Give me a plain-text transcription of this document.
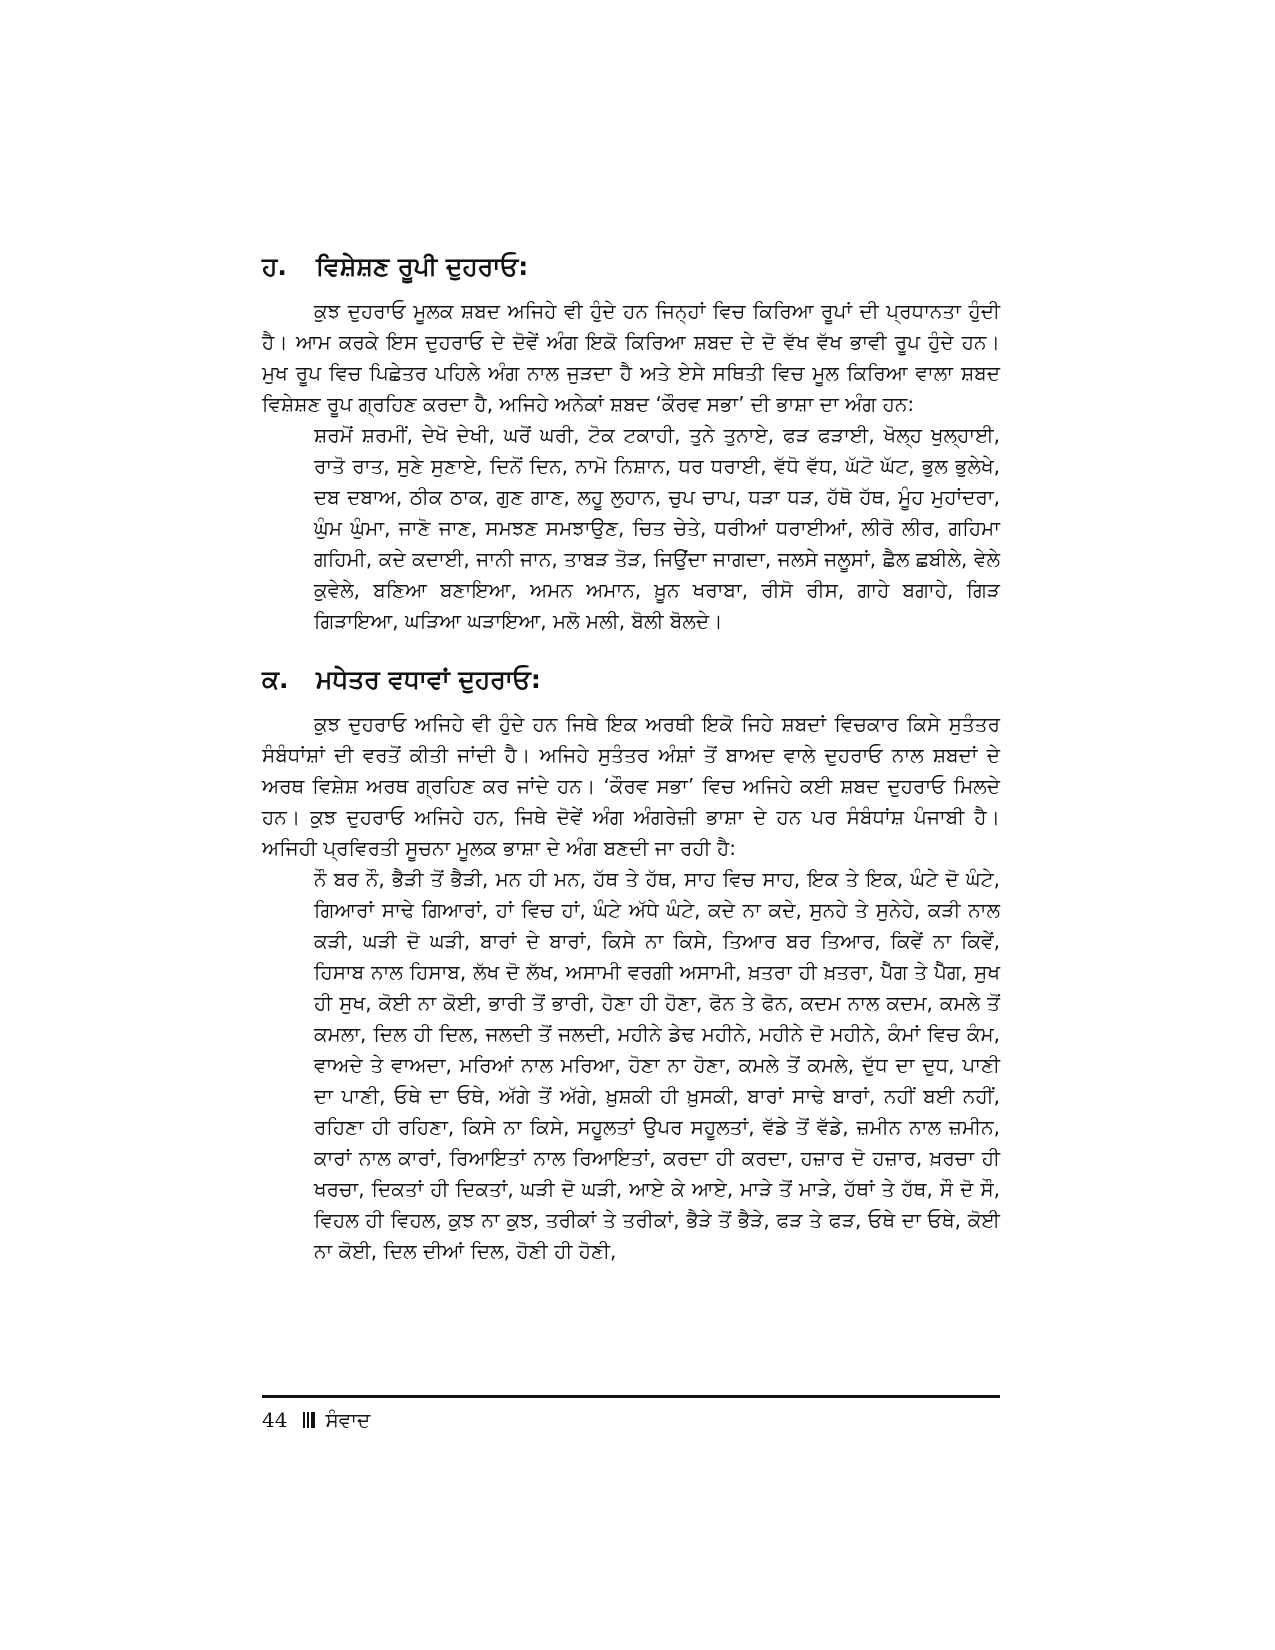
ਹ.	ਵਿਸ਼ੇਸ਼ਣ ਰੂਪੀ ਦੁਹਰਾਓ:

ਕੁਝ ਦੁਹਰਾਓ ਮੂਲਕ ਸ਼ਬਦ ਅਜਿਹੇ ਵੀ ਹੁੰਦੇ ਹਨ ਜਿਨ੍ਹਾਂ ਵਿਚ ਕਿਰਿਆ ਰੂਪਾਂ ਦੀ ਪ੍ਰਧਾਨਤਾ ਹੁੰਦੀ ਹੈ। ਆਮ ਕਰਕੇ ਇਸ ਦੁਹਰਾਓ ਦੇ ਦੋਵੇਂ ਅੰਗ ਇਕੋ ਕਿਰਿਆ ਸ਼ਬਦ ਦੇ ਦੋ ਵੱਖ ਵੱਖ ਭਾਵੀ ਰੂਪ ਹੁੰਦੇ ਹਨ। ਮੁਖ ਰੂਪ ਵਿਚ ਪਿਛੇਤਰ ਪਹਿਲੇ ਅੰਗ ਨਾਲ ਜੁੜਦਾ ਹੈ ਅਤੇ ਏਸੇ ਸਥਿਤੀ ਵਿਚ ਮੂਲ ਕਿਰਿਆ ਵਾਲਾ ਸ਼ਬਦ ਵਿਸ਼ੇਸ਼ਣ ਰੂਪ ਗ੍ਰਹਿਣ ਕਰਦਾ ਹੈ, ਅਜਿਹੇ ਅਨੇਕਾਂ ਸ਼ਬਦ ‘ਕੌਰਵ ਸਭਾ’ ਦੀ ਭਾਸ਼ਾ ਦਾ ਅੰਗ ਹਨ:

ਸ਼ਰਮੋਂ ਸ਼ਰਮੀਂ, ਦੇਖੋ ਦੇਖੀ, ਘਰੋਂ ਘਰੀ, ਟੋਕ ਟਕਾਹੀ, ਤੁਨੇ ਤੁਨਾਏ, ਫੜ ਫੜਾਈ, ਖੋਲ੍ਹ ਖੁਲ੍ਹਾਈ, ਰਾਤੋ ਰਾਤ, ਸੁਣੇ ਸੁਣਾਏ, ਦਿਨੋਂ ਦਿਨ, ਨਾਮੋ ਨਿਸ਼ਾਨ, ਧਰ ਧਰਾਈ, ਵੱਧੋ ਵੱਧ, ਘੱਟੋ ਘੱਟ, ਭੁਲ ਭੁਲੇਖੇ, ਦਬ ਦਬਾਅ, ਠੀਕ ਠਾਕ, ਗੁਣ ਗਾਣ, ਲਹੂ ਲੁਹਾਨ, ਚੁਪ ਚਾਪ, ਧੜਾ ਧੜ, ਹੱਥੋ ਹੱਥ, ਮੂੰਹ ਮੁਹਾਂਦਰਾ, ਘੁੰਮ ਘੁੰਮਾ, ਜਾਣੋ ਜਾਣ, ਸਮਝਣ ਸਮਝਾਉਣ, ਚਿਤ ਚੇਤੇ, ਧਰੀਆਂ ਧਰਾਈਆਂ, ਲੀਰੋ ਲੀਰ, ਗਹਿਮਾ ਗਹਿਮੀ, ਕਦੇ ਕਦਾਈ, ਜਾਨੀ ਜਾਨ, ਤਾਬੜ ਤੋੜ, ਜਿਉਂਦਾ ਜਾਗਦਾ, ਜਲਸੇ ਜਲੂਸਾਂ, ਛੈਲ ਛਬੀਲੇ, ਵੇਲੇ ਕੁਵੇਲੇ, ਬਣਿਆ ਬਣਾਇਆ, ਅਮਨ ਅਮਾਨ, ਖ਼ੂਨ ਖਰਾਬਾ, ਰੀਸੋ ਰੀਸ, ਗਾਹੇ ਬਗਾਹੇ, ਗਿੜ ਗਿੜਾਇਆ, ਘੜਿਆ ਘੜਾਇਆ, ਮਲੋ ਮਲੀ, ਬੋਲੀ ਬੋਲਦੇ।

ਕ.	ਮਧੇਤਰ ਵਧਾਵਾਂ ਦੁਹਰਾਓ:

ਕੁਝ ਦੁਹਰਾਓ ਅਜਿਹੇ ਵੀ ਹੁੰਦੇ ਹਨ ਜਿਥੇ ਇਕ ਅਰਥੀ ਇਕੋ ਜਿਹੇ ਸ਼ਬਦਾਂ ਵਿਚਕਾਰ ਕਿਸੇ ਸੁਤੰਤਰ ਸੰਬੰਧਾਂਸ਼ਾਂ ਦੀ ਵਰਤੋਂ ਕੀਤੀ ਜਾਂਦੀ ਹੈ। ਅਜਿਹੇ ਸੁਤੰਤਰ ਅੰਸ਼ਾਂ ਤੋਂ ਬਾਅਦ ਵਾਲੇ ਦੁਹਰਾਓ ਨਾਲ ਸ਼ਬਦਾਂ ਦੇ ਅਰਥ ਵਿਸ਼ੇਸ਼ ਅਰਥ ਗ੍ਰਹਿਣ ਕਰ ਜਾਂਦੇ ਹਨ। ‘ਕੌਰਵ ਸਭਾ’ ਵਿਚ ਅਜਿਹੇ ਕਈ ਸ਼ਬਦ ਦੁਹਰਾਓ ਮਿਲਦੇ ਹਨ। ਕੁਝ ਦੁਹਰਾਓ ਅਜਿਹੇ ਹਨ, ਜਿਥੇ ਦੋਵੇਂ ਅੰਗ ਅੰਗਰੇਜ਼ੀ ਭਾਸ਼ਾ ਦੇ ਹਨ ਪਰ ਸੰਬੰਧਾਂਸ਼ ਪੰਜਾਬੀ ਹੈ। ਅਜਿਹੀ ਪ੍ਰਵਿਰਤੀ ਸੂਚਨਾ ਮੂਲਕ ਭਾਸ਼ਾ ਦੇ ਅੰਗ ਬਣਦੀ ਜਾ ਰਹੀ ਹੈ:

ਨੌ ਬਰ ਨੌ, ਭੈੜੀ ਤੋਂ ਭੈੜੀ, ਮਨ ਹੀ ਮਨ, ਹੱਥ ਤੇ ਹੱਥ, ਸਾਹ ਵਿਚ ਸਾਹ, ਇਕ ਤੇ ਇਕ, ਘੰਟੇ ਦੋ ਘੰਟੇ, ਗਿਆਰਾਂ ਸਾਢੇ ਗਿਆਰਾਂ, ਹਾਂ ਵਿਚ ਹਾਂ, ਘੰਟੇ ਅੱਧੇ ਘੰਟੇ, ਕਦੇ ਨਾ ਕਦੇ, ਸੁਨਹੇ ਤੇ ਸੁਨੇਹੇ, ਕੜੀ ਨਾਲ ਕੜੀ, ਘੜੀ ਦੋ ਘੜੀ, ਬਾਰਾਂ ਦੇ ਬਾਰਾਂ, ਕਿਸੇ ਨਾ ਕਿਸੇ, ਤਿਆਰ ਬਰ ਤਿਆਰ, ਕਿਵੇਂ ਨਾ ਕਿਵੇਂ, ਹਿਸਾਬ ਨਾਲ ਹਿਸਾਬ, ਲੱਖ ਦੋ ਲੱਖ, ਅਸਾਮੀ ਵਰਗੀ ਅਸਾਮੀ, ਖ਼ਤਰਾ ਹੀ ਖ਼ਤਰਾ, ਪੈੱਗ ਤੇ ਪੈੱਗ, ਸੁਖ ਹੀ ਸੁਖ, ਕੋਈ ਨਾ ਕੋਈ, ਭਾਰੀ ਤੋਂ ਭਾਰੀ, ਹੋਣਾ ਹੀ ਹੋਣਾ, ਫੋਨ ਤੇ ਫੋਨ, ਕਦਮ ਨਾਲ ਕਦਮ, ਕਮਲੇ ਤੋਂ ਕਮਲਾ, ਦਿਲ ਹੀ ਦਿਲ, ਜਲਦੀ ਤੋਂ ਜਲਦੀ, ਮਹੀਨੇ ਡੇਢ ਮਹੀਨੇ, ਮਹੀਨੇ ਦੋ ਮਹੀਨੇ, ਕੰਮਾਂ ਵਿਚ ਕੰਮ, ਵਾਅਦੇ ਤੇ ਵਾਅਦਾ, ਮਰਿਆਂ ਨਾਲ ਮਰਿਆ, ਹੋਣਾ ਨਾ ਹੋਣਾ, ਕਮਲੇ ਤੋਂ ਕਮਲੇ, ਦੁੱਧ ਦਾ ਦੁਧ, ਪਾਣੀ ਦਾ ਪਾਣੀ, ਓਥੇ ਦਾ ਓਥੇ, ਅੱਗੇ ਤੋਂ ਅੱਗੇ, ਖ਼ੁਸ਼ਕੀ ਹੀ ਖ਼ੁਸਕੀ, ਬਾਰਾਂ ਸਾਢੇ ਬਾਰਾਂ, ਨਹੀਂ ਬਈ ਨਹੀਂ, ਰਹਿਣਾ ਹੀ ਰਹਿਣਾ, ਕਿਸੇ ਨਾ ਕਿਸੇ, ਸਹੂਲਤਾਂ ਉਪਰ ਸਹੂਲਤਾਂ, ਵੱਡੇ ਤੋਂ ਵੱਡੇ, ਜ਼ਮੀਨ ਨਾਲ ਜ਼ਮੀਨ, ਕਾਰਾਂ ਨਾਲ ਕਾਰਾਂ, ਰਿਆਇਤਾਂ ਨਾਲ ਰਿਆਇਤਾਂ, ਕਰਦਾ ਹੀ ਕਰਦਾ, ਹਜ਼ਾਰ ਦੋ ਹਜ਼ਾਰ, ਖ਼ਰਚਾ ਹੀ ਖਰਚਾ, ਦਿਕਤਾਂ ਹੀ ਦਿਕਤਾਂ, ਘੜੀ ਦੋ ਘੜੀ, ਆਏ ਕੇ ਆਏ, ਮਾੜੇ ਤੋਂ ਮਾੜੇ, ਹੱਥਾਂ ਤੇ ਹੱਥ, ਸੌ ਦੋ ਸੌ, ਵਿਹਲ ਹੀ ਵਿਹਲ, ਕੁਝ ਨਾ ਕੁਝ, ਤਰੀਕਾਂ ਤੇ ਤਰੀਕਾਂ, ਭੈੜੇ ਤੋਂ ਭੈੜੇ, ਫੜ ਤੇ ਫੜ, ਓਥੇ ਦਾ ਓਥੇ, ਕੋਈ ਨਾ ਕੋਈ, ਦਿਲ ਦੀਆਂ ਦਿਲ, ਹੋਣੀ ਹੀ ਹੋਣੀ,

44 ਸੰਵਾਦ
